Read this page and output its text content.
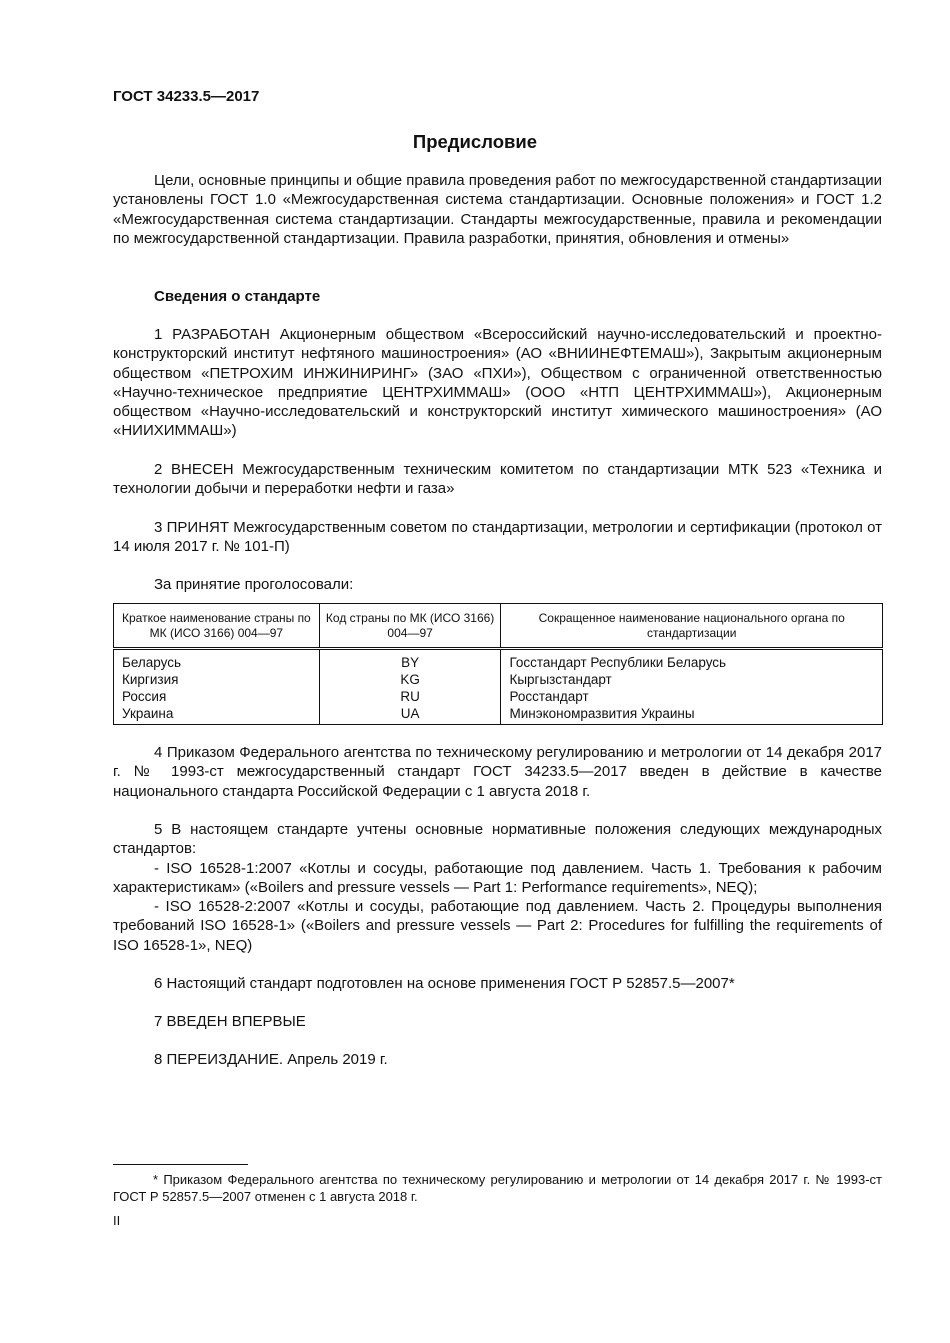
ГОСТ 34233.5—2017
Предисловие

Цели, основные принципы и общие правила проведения работ по межгосударственной стандартизации установлены ГОСТ 1.0 «Межгосударственная система стандартизации. Основные положения» и ГОСТ 1.2 «Межгосударственная система стандартизации. Стандарты межгосударственные, правила и рекомендации по межгосударственной стандартизации. Правила разработки, принятия, обновления и отмены»

Сведения о стандарте

1 РАЗРАБОТАН Акционерным обществом «Всероссийский научно-исследовательский и проектно-конструкторский институт нефтяного машиностроения» (АО «ВНИИНЕФТЕМАШ»), Закрытым акционерным обществом «ПЕТРОХИМ ИНЖИНИРИНГ» (ЗАО «ПХИ»), Обществом с ограниченной ответственностью «Научно-техническое предприятие ЦЕНТРХИММАШ» (ООО «НТП ЦЕНТРХИММАШ»), Акционерным обществом «Научно-исследовательский и конструкторский институт химического машиностроения» (АО «НИИХИММАШ»)

2 ВНЕСЕН Межгосударственным техническим комитетом по стандартизации МТК 523 «Техника и технологии добычи и переработки нефти и газа»

3 ПРИНЯТ Межгосударственным советом по стандартизации, метрологии и сертификации (протокол от 14 июля 2017 г. № 101-П)

За принятие проголосовали:

Краткое наименование страны по МК (ИСО 3166) 004—97	Код страны по МК (ИСО 3166) 004—97	Сокращенное наименование национального органа по стандартизации
Беларусь	BY	Госстандарт Республики Беларусь
Киргизия	KG	Кыргызстандарт
Россия	RU	Росстандарт
Украина	UA	Минэкономразвития Украины

4 Приказом Федерального агентства по техническому регулированию и метрологии от 14 декабря 2017 г. № 1993-ст межгосударственный стандарт ГОСТ 34233.5—2017 введен в действие в качестве национального стандарта Российской Федерации с 1 августа 2018 г.

5 В настоящем стандарте учтены основные нормативные положения следующих международных стандартов:

- ISO 16528-1:2007 «Котлы и сосуды, работающие под давлением. Часть 1. Требования к рабочим характеристикам» («Boilers and pressure vessels — Part 1: Performance requirements», NEQ);

- ISO 16528-2:2007 «Котлы и сосуды, работающие под давлением. Часть 2. Процедуры выполнения требований ISO 16528-1» («Boilers and pressure vessels — Part 2: Procedures for fulfilling the requirements of ISO 16528-1», NEQ)

6 Настоящий стандарт подготовлен на основе применения ГОСТ Р 52857.5—2007*

7 ВВЕДЕН ВПЕРВЫЕ

8 ПЕРЕИЗДАНИЕ. Апрель 2019 г.

* Приказом Федерального агентства по техническому регулированию и метрологии от 14 декабря 2017 г. № 1993-ст ГОСТ Р 52857.5—2007 отменен с 1 августа 2018 г.

II
